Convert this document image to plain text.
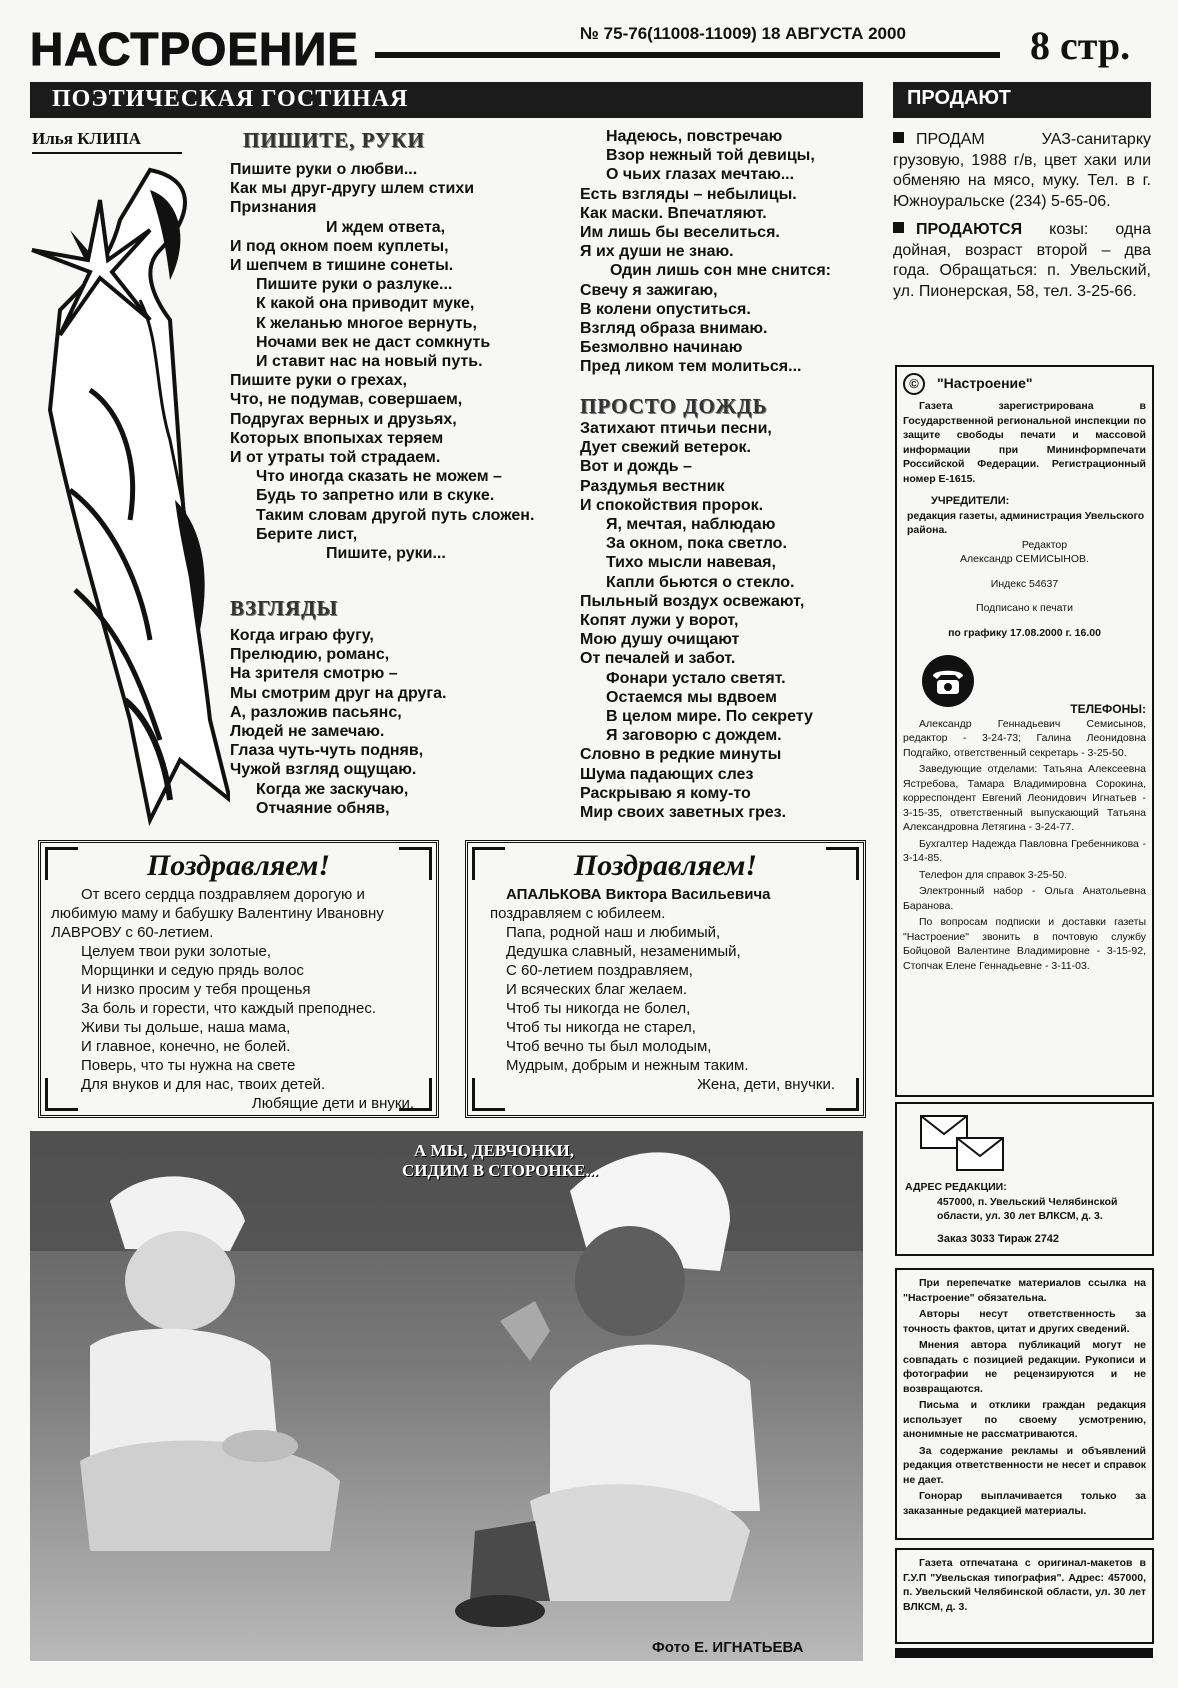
НАСТРОЕНИЕ	№ 75-76(11008-11009) 18 АВГУСТА 2000	8 стр.
ПОЭТИЧЕСКАЯ ГОСТИНАЯ	ПРОДАЮТ
Илья КЛИПА	ПИШИТЕ, РУКИ
Пишите руки о любви...
Как мы друг-другу шлем стихи
Признания
И ждем ответа,
И под окном поем куплеты,
И шепчем в тишине сонеты.
Пишите руки о разлуке...
К какой она приводит муке,
К желанью многое вернуть,
Ночами век не даст сомкнуть
И ставит нас на новый путь.
Пишите руки о грехах,
Что, не подумав, совершаем,
Подругах верных и друзьях,
Которых впопыхах теряем
И от утраты той страдаем.
Что иногда сказать не можем –
Будь то запретно или в скуке.
Таким словам другой путь сложен.
Берите лист,
Пишите, руки...
ВЗГЛЯДЫ
Когда играю фугу,
Прелюдию, романс,
На зрителя смотрю –
Мы смотрим друг на друга.
А, разложив пасьянс,
Людей не замечаю.
Глаза чуть-чуть подняв,
Чужой взгляд ощущаю.
Когда же заскучаю,
Отчаяние обняв,
Надеюсь, повстречаю
Взор нежный той девицы,
О чьих глазах мечтаю...
Есть взгляды – небылицы.
Как маски. Впечатляют.
Им лишь бы веселиться.
Я их души не знаю.
Один лишь сон мне снится:
Свечу я зажигаю,
В колени опуститься.
Взгляд образа внимаю.
Безмолвно начинаю
Пред ликом тем молиться...
ПРОСТО ДОЖДЬ
Затихают птичьи песни,
Дует свежий ветерок.
Вот и дождь –
Раздумья вестник
И спокойствия пророк.
Я, мечтая, наблюдаю
За окном, пока светло.
Тихо мысли навевая,
Капли бьются о стекло.
Пыльный воздух освежают,
Копят лужи у ворот,
Мою душу очищают
От печалей и забот.
Фонари устало светят.
Остаемся мы вдвоем
В целом мире. По секрету
Я заговорю с дождем.
Словно в редкие минуты
Шума падающих слез
Раскрываю я кому-то
Мир своих заветных грез.

ПРОДАМ УАЗ-санитарку грузовую, 1988 г/в, цвет хаки или обменяю на мясо, муку. Тел. в г. Южноуральске (234) 5-65-06.

ПРОДАЮТСЯ козы: одна дойная, возраст второй – два года. Обращаться: п. Увельский, ул. Пионерская, 58, тел. 3-25-66.

© "Настроение"

Газета зарегистрирована в Государственной региональной инспекции по защите свободы печати и массовой информации при Мининформпечати Российской Федерации. Регистрационный номер Е-1615.

УЧРЕДИТЕЛИ:
редакция газеты, администрация Увельского района.
Редактор
Александр СЕМИСЫНОВ.
Индекс 54637
Подписано к печати
по графику 17.08.2000 г. 16.00
ТЕЛЕФОНЫ:

Александр Геннадьевич Семисынов, редактор - 3-24-73; Галина Леонидовна Подгайко, ответственный секретарь - 3-25-50.

Заведующие отделами: Татьяна Алексеевна Ястребова, Тамара Владимировна Сорокина, корреспондент Евгений Леонидович Игнатьев - 3-15-35, ответственный выпускающий Татьяна Александровна Летягина - 3-24-77.

Бухгалтер Надежда Павловна Гребенникова - 3-14-85.

Телефон для справок 3-25-50.

Электронный набор - Ольга Анатольевна Баранова.

По вопросам подписки и доставки газеты "Настроение" звонить в почтовую службу Бойцовой Валентине Владимировне - 3-15-92, Стопчак Елене Геннадьевне - 3-11-03.

АДРЕС РЕДАКЦИИ:
457000, п. Увельский Челябинской области, ул. 30 лет ВЛКСМ, д. 3.
Заказ 3033 Тираж 2742

При перепечатке материалов ссылка на "Настроение" обязательна.

Авторы несут ответственность за точность фактов, цитат и других сведений.

Мнения автора публикаций могут не совпадать с позицией редакции. Рукописи и фотографии не рецензируются и не возвращаются.

Письма и отклики граждан редакция использует по своему усмотрению, анонимные не рассматриваются.

За содержание рекламы и объявлений редакция ответственности не несет и справок не дает.

Гонорар выплачивается только за заказанные редакцией материалы.

Газета отпечатана с оригинал-макетов в Г.У.П "Увельская типография". Адрес: 457000, п. Увельский Челябинской области, ул. 30 лет ВЛКСМ, д. 3.

Поздравляем!
От всего сердца поздравляем дорогую и любимую маму и бабушку Валентину Ивановну ЛАВРОВУ с 60-летием.
Целуем твои руки золотые,
Морщинки и седую прядь волос
И низко просим у тебя прощенья
За боль и горести, что каждый преподнес.
Живи ты дольше, наша мама,
И главное, конечно, не болей.
Поверь, что ты нужна на свете
Для внуков и для нас, твоих детей.
Любящие дети и внуки.
Поздравляем!
АПАЛЬКОВА Виктора Васильевича
поздравляем с юбилеем.
Папа, родной наш и любимый,
Дедушка славный, незаменимый,
С 60-летием поздравляем,
И всяческих благ желаем.
Чтоб ты никогда не болел,
Чтоб ты никогда не старел,
Чтоб вечно ты был молодым,
Мудрым, добрым и нежным таким.
Жена, дети, внучки.
А МЫ, ДЕВЧОНКИ,
СИДИМ В СТОРОНКЕ...
Фото Е. ИГНАТЬЕВА
